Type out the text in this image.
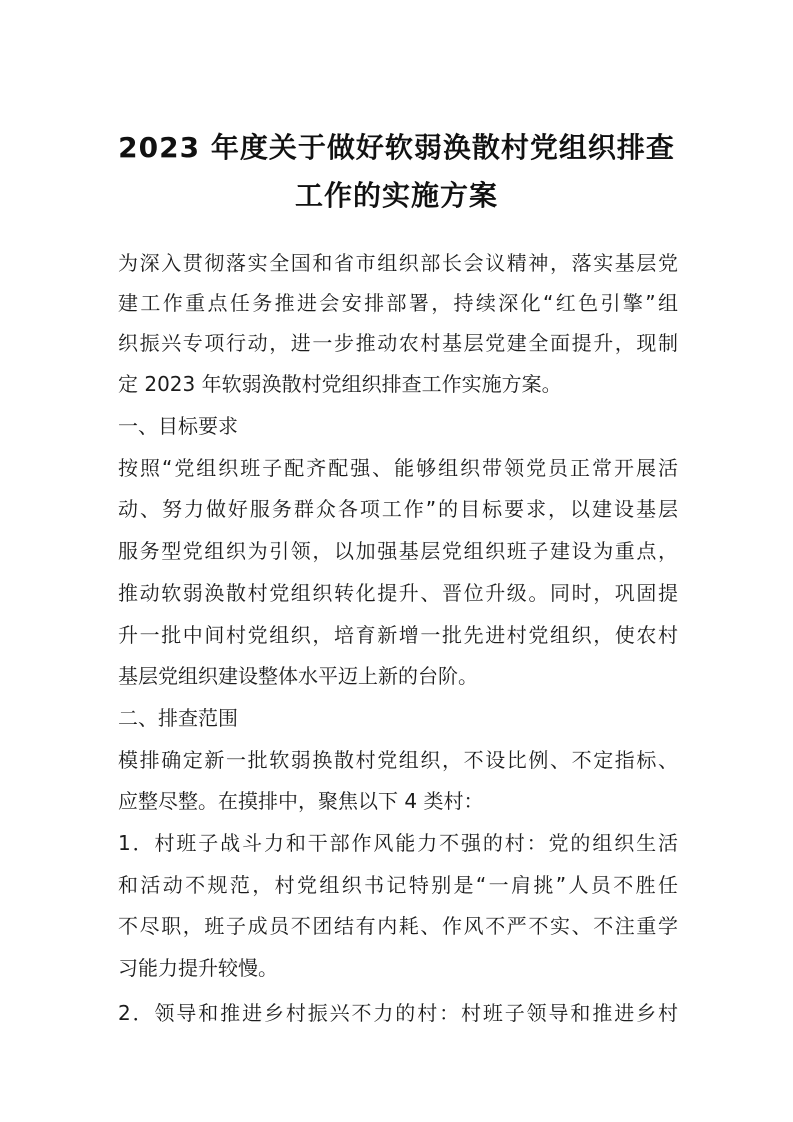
2023 年度关于做好软弱涣散村党组织排查
工作的实施方案
为深入贯彻落实全国和省市组织部长会议精神，落实基层党
建工作重点任务推进会安排部署，持续深化“红色引擎”组
织振兴专项行动，进一步推动农村基层党建全面提升，现制
定 2023 年软弱涣散村党组织排查工作实施方案。
一、目标要求
按照“党组织班子配齐配强、能够组织带领党员正常开展活
动、努力做好服务群众各项工作”的目标要求，以建设基层
服务型党组织为引领，以加强基层党组织班子建设为重点，
推动软弱涣散村党组织转化提升、晋位升级。同时，巩固提
升一批中间村党组织，培育新增一批先进村党组织，使农村
基层党组织建设整体水平迈上新的台阶。
二、排查范围
模排确定新一批软弱换散村党组织，不设比例、不定指标、
应整尽整。在摸排中，聚焦以下 4 类村：
1．村班子战斗力和干部作风能力不强的村：党的组织生活
和活动不规范，村党组织书记特别是“一肩挑”人员不胜任
不尽职，班子成员不团结有内耗、作风不严不实、不注重学
习能力提升较慢。
2．领导和推进乡村振兴不力的村：村班子领导和推进乡村
